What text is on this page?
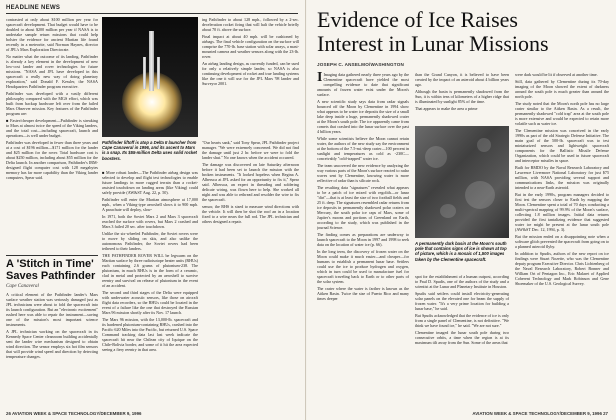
HEADLINE NEWS

contrasted at only about $100 million per year for spacecraft development. That budget would have to be doubled to about $200 million per year if NASA is to undertake sample return missions that could help bolster the evidence for ancient Martian life found recently in a meteorite, said Norman Haynes, director of JPL's Mars Exploration Directorate.

No matter what the outcome of its landing, Pathfinder is already a key element in the development of new low-cost lander and rover technologies for future missions. "NASA and JPL have developed in this spacecraft a really new way of doing planetary exploration," said Donald F. Kessler, the NASA Headquarters Pathfinder program executive.

Pathfinder was developed with a vastly different philosophy compared with the MGS effort, which was built from backup hardware left over from the failed Mars Observer mission. Key features of the Pathfinder program are:

■ Faster/cheaper development—Pathfinder is streaking to Mars at almost twice the speed of the Viking landers, and the total cost—including spacecraft, launch and operations—is well under budget.

Pathfinder was developed in fewer than three years and at a cost of $196 million—$171 million for the lander and $25 million for the rover. Total hardware cost is about $250 million, including about $55 million for the Delta launch. In another comparison, Pathfinder's IBM-designed flight computer cost with 128 megabytes memory has far more capability than the Viking lander computers, Spear said.

ing Pathfinder to about 128 mph., followed by a 2-sec. deceleration rocket firing that will halt the vehicle briefly about 70 ft. above the surface.

Final impact at about 40 mph. will be cushioned by airbags. The final vehicle configuration on the surface will comprise the 770-lb. base station with solar arrays, a mast-mounted camera and weather sensors along with the 23-lb. rover.

An airbag landing design, as currently funded, can be used for only a relatively simple lander, so NASA is also continuing development of rocket and true landing systems like the one it will use for the JPL Mars '98 lander and Surveyor 2001.

Pathfinder liftoff is atop a Delta II launcher from Cape Canaveral in 1996, and its ascent to Mars is a snap. Its $55-million Delta uses solid rocket boosters.

■ More robust lander—The Pathfinder airbag design was selected to develop and flight test technologies to enable future landings in more rugged terrain than a rocket-assisted touchdown on landing areas (like Viking) could safely provide (AW&ST Aug. 22, p. 50).

Pathfinder will enter the Martian atmosphere at 17,000 mph., when a Viking-type aeroshell slows it to 900 mph. A parachute will deploy, slow-

In 1971, both the Soviet Mars 2 and Mars 3 spacecraft reached the surface with rovers, but Mars 2 crashed and Mars 3 failed 20 sec. after touchdown.

Unlike the six-wheeled Pathfinder, the Soviet rovers were to move by sliding on skis, and also unlike the autonomous Pathfinder, the Soviet rovers had been tethered to their landers.

THE PATHFINDER ROVER WILL be legwarm on the Martian surface by three radioisotope heater units (RHUs) each containing 2.6 grams of plutonium-238. The plutonium, in much RHUs is in the form of a ceramic, clad in metal and protected by an aeroshell to survive reentry and survival on release of plutonium in the event of an accident.

The second and third stages of the Delta were equipped with underwater acoustic sensors, like those on aircraft flight data recorders, so the RHUs could be located in the event of a failure like the one that destroyed the Russian Mars 96 mission shortly after its Nov. 17 launch.

The Mars 96 mission, with the 13,000-lb. spacecraft and its hardened plutonium-containing RHUs, crashed into the Pacific 620 Miles into the Pacific, but returned U.S. Space Command tracking data last last week indicate the spacecraft hit near the Chilean city of Iquique on the Chile-Bolivia border, and some of it hit the area expected seeing a fiery reentry in that area.

"Our hearts sank," said Tony Spear, JPL Pathfinder project manager. "We were extremely concerned. We did not find the damage until just 2 hr. before we were to fold the lander shut." No one knows when the accident occurred.

The damage was discovered on late Saturday afternoon before it had been set to launch the mission with the broken instruments. "It looked hopeless when Regina A. Alberuca at JPL asked for an opportunity to fix it," Spear said. Alberuca, an expert in threading and soldering delicate wiring, was flown here to help. She worked all night and was able to rethread and resolder the wire to fix the spacecraft.

sensor, the RHS is sized to measure wind directions with the vehicle. It will then be shot the roof an in a location fixed to a wire nears the full rod. The JPL technician and others designed a repair.

A 'Stitch in Time'
Saves Pathfinder
Cape Canaveral

A critical element of the Pathfinder lander's Mars surface weather station was seriously damaged just as JPL technicians were about to fold the spacecraft into its launch configuration. But an "electronic excitement" rushed here was able to repair the instrument—saving one of the mission's most important science instruments.

A JPL technician working on the spacecraft in its Kennedy Space Center cleanroom building accidentally sent the lander wire mechanism designed to obtain wind direction. The sensor employs six hot film sensors that will provide wind speed and direction by detecting temperature changes.

26 AVIATION WEEK & SPACE TECHNOLOGY/DECEMBER 9, 1996
Evidence of Ice Raises
Interest in Lunar Missions
JOSEPH C. ANSELMO/WASHINGTON

I Imaging data gathered nearly three years ago by the Clementine spacecraft have yielded the most compelling evidence to date that significant amounts of frozen water exist under the Moon's surface.

A new scientific study says data from radar signals bounced off the Moon by Clementine in 1994 show what appears to be water ice deposits the size of a small lake deep inside a huge, permanently shadowed crater at the Moon's south pole. The ice apparently came from comets that crashed into the lunar surface over the past 4 billion years.

While some scientists believe the Moon cannot retain water, the authors of the new study say the environment at the bottom of the 7.5-mi.-deep crater—100 percent in sunlight and temperatures as cold as -230C—conceivably "cold-trapped" water ice.

The team uncovered the new evidence by analyzing the way various parts of the Moon's surface reacted to radar waves sent by Clementine, knowing water is more reflective of radar than is silicate rock.

The resulting data "signatures" revealed what appears to be a patch of ice mixed with regolith—or lunar "dirt"—that is at least the size of two football fields and 25 ft. deep. The signatures resembled radar returns from ice deposits in permanently shadowed polar craters on Mercury, the south polar ice caps of Mars, some of Jupiter's moons and portions of Greenland on Earth, according to the study, which was published in the journal Science.

The finding comes as preparations are underway to launch spacecraft to the Moon in 1997 and 1998 to seek data on the location of water ice (p. 66).

In the long term, the discovery of frozen water on the Moon could make it much easier—and cheaper—for humans to establish a permanent lunar base. Settlers could use the ice to produce hydrogen and oxygen, which in turn could be used to manufacture fuel for spacecraft traveling back to Earth or to other parts of the solar system.

The crater where the water is farther is known as the Aitken Basin. Twice the size of Puerto Rico and many times deeper

than the Grand Canyon, it is believed to have been created by the impact of an asteroid about 4 billion years ago.

Although the basin is permanently shadowed from the Sun, it is within tens of kilometers of a higher ridge that is illuminated by sunlight 85% of the time.

That appears to make the area a prime

A permanently dark basin at the Moon's south pole that contains signs of ice is shown at top of picture, which is a mosaic of 1,500 images taken by the Clementine spacecraft.

spot for the establishment of a human outpost, according to Paul D. Spudis, one of the authors of the study and a scientist at the Lunar and Planetary Institute in Houston.

Spudis said settlers could install electricity-generating solar panels on the elevated one for beam the supply of frozen water. "It's a very prime location for building a lunar base," he said.

But Spudis acknowledged that the evidence of ice is only from a single panel of Clementine, is not definitive. "We think we have found ice," he said. "We are not sure."

Clementine imaged the lunar south pole during two consecutive orbits, a time when the region is at its maximum tilt away from the Sun. Some of the areas that

were dark would be lit if observed at another time.

Still, data gathered by Clementine during its 70-day imaging of the Moon showed the extent of darkness around the south pole is much greater than around the north pole.

The study noted that the Moon's north pole has no large crater similar to the Aitken Basin. As a result, the permanently shadowed "cold trap" area at the south pole is more extensive and would be expected to retain more volatile such as water ice.

The Clementine mission was conceived in the early 1990s as part of the old Strategic Defense Initiative. The main goal of the 500-lb. spacecraft was to test miniaturized sensors and lightweight spacecraft components for the Ballistic Missile Defense Organization, which could be used in future spacecraft and interceptor missiles in space.

Built for BMDO by the Naval Research Laboratory and Lawrence Livermore National Laboratory for just $75 million, with NASA providing several support and communications links, the mission was originally intended to a near-Earth asteroid.

But in the early 1990s, program managers decided to first test the sensors closer to Earth by mapping the Moon. Clementine spent a total of 70 days conducting a multi-spectral mapping of 99.9% of the Moon's surface, collecting 1.8 million images. Initial data returns provided the first tantalizing evidence that suggested water ice might be present at the lunar south pole (AW&ST Dec. 12, 1994, p. 3).

But the mission ended on a disappointing note when a software glitch prevented the spacecraft from going on to a planned asteroid flyby.

In addition to Spudis, authors of the new report on ice findings were Stuart Nozette, who was the Clementine deputy program Executive Director. Chris Lichtenberg of the Naval Research Laboratory, Robert Bonner and William Ort of Pentagon Inc., Eric Malaret of Applied Coherent Technology and Mark Robinson and Gene Shoemaker of the U.S. Geological Survey.

AVIATION WEEK & SPACE TECHNOLOGY/DECEMBER 9, 1996 27
